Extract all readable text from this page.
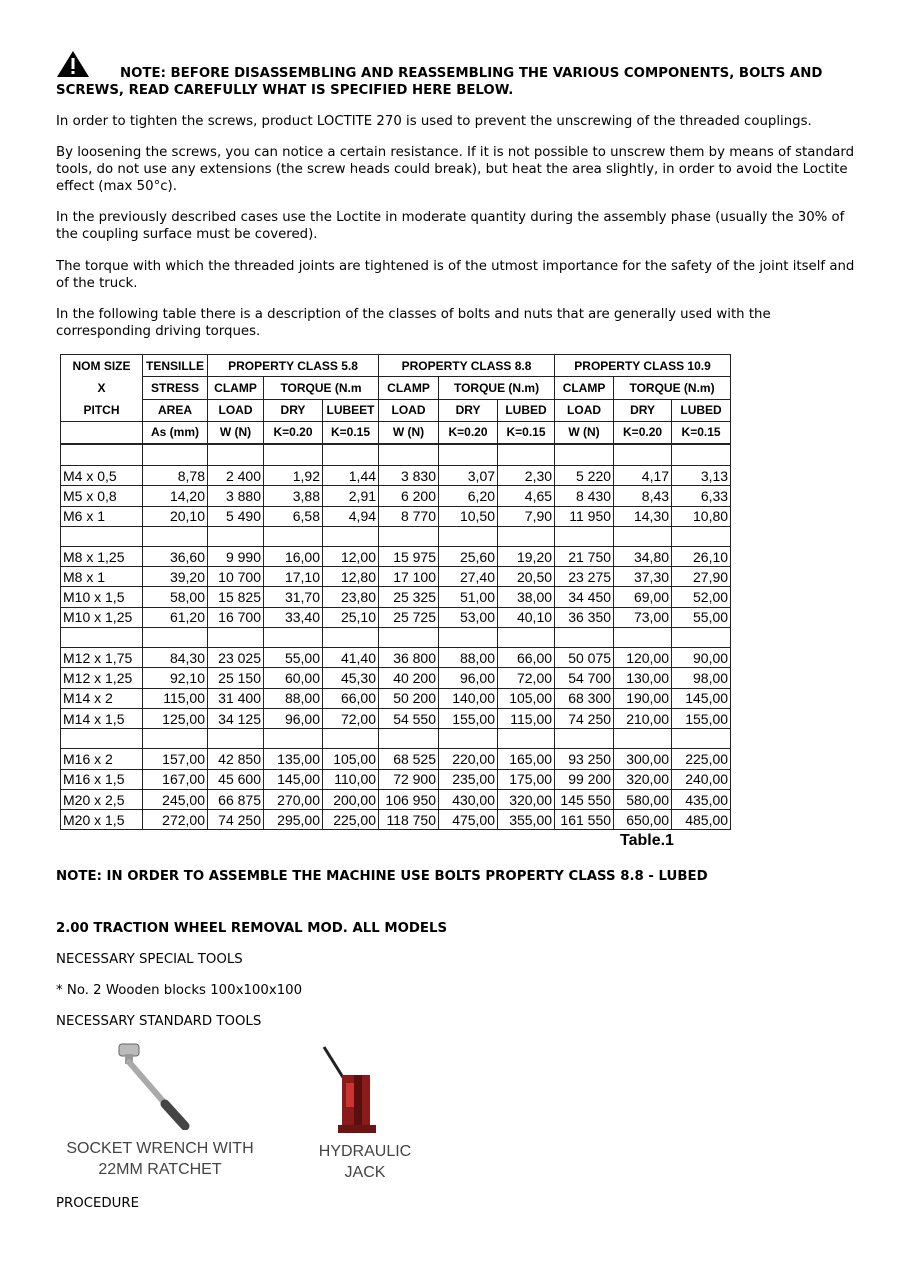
NOTE: BEFORE DISASSEMBLING AND REASSEMBLING THE VARIOUS COMPONENTS, BOLTS AND SCREWS, READ CAREFULLY WHAT IS SPECIFIED HERE BELOW.

In order to tighten the screws, product LOCTITE 270 is used to prevent the unscrewing of the threaded couplings.

By loosening the screws, you can notice a certain resistance. If it is not possible to unscrew them by means of standard tools, do not use any extensions (the screw heads could break), but heat the area slightly, in order to avoid the Loctite effect (max 50°c).

In the previously described cases use the Loctite in moderate quantity during the assembly phase (usually the 30% of the coupling surface must be covered).

The torque with which the threaded joints are tightened is of the utmost importance for the safety of the joint itself and of the truck.

In the following table there is a description of the classes of bolts and nuts that are generally used with the corresponding driving torques.

NOM SIZE
X
PITCH	TENSILLE	PROPERTY CLASS 5.8			PROPERTY CLASS 8.8			PROPERTY CLASS 10.9		
	STRESS	CLAMP	TORQUE (N.m		CLAMP	TORQUE (N.m)		CLAMP	TORQUE (N.m)	
	AREA	LOAD	DRY	LUBEET	LOAD	DRY	LUBED	LOAD	DRY	LUBED
	As (mm)	W (N)	K=0.20	K=0.15	W (N)	K=0.20	K=0.15	W (N)	K=0.20	K=0.15

M4 x 0,5	8,78	2 400	1,92	1,44	3 830	3,07	2,30	5 220	4,17	3,13
M5 x 0,8	14,20	3 880	3,88	2,91	6 200	6,20	4,65	8 430	8,43	6,33
M6 x 1	20,10	5 490	6,58	4,94	8 770	10,50	7,90	11 950	14,30	10,80

M8 x 1,25	36,60	9 990	16,00	12,00	15 975	25,60	19,20	21 750	34,80	26,10
M8 x 1	39,20	10 700	17,10	12,80	17 100	27,40	20,50	23 275	37,30	27,90
M10 x 1,5	58,00	15 825	31,70	23,80	25 325	51,00	38,00	34 450	69,00	52,00
M10 x 1,25	61,20	16 700	33,40	25,10	25 725	53,00	40,10	36 350	73,00	55,00

M12 x 1,75	84,30	23 025	55,00	41,40	36 800	88,00	66,00	50 075	120,00	90,00
M12 x 1,25	92,10	25 150	60,00	45,30	40 200	96,00	72,00	54 700	130,00	98,00
M14 x 2	115,00	31 400	88,00	66,00	50 200	140,00	105,00	68 300	190,00	145,00
M14 x 1,5	125,00	34 125	96,00	72,00	54 550	155,00	115,00	74 250	210,00	155,00

M16 x 2	157,00	42 850	135,00	105,00	68 525	220,00	165,00	93 250	300,00	225,00
M16 x 1,5	167,00	45 600	145,00	110,00	72 900	235,00	175,00	99 200	320,00	240,00
M20 x 2,5	245,00	66 875	270,00	200,00	106 950	430,00	320,00	145 550	580,00	435,00
M20 x 1,5	272,00	74 250	295,00	225,00	118 750	475,00	355,00	161 550	650,00	485,00
Table.1

NOTE: IN ORDER TO ASSEMBLE THE MACHINE USE BOLTS PROPERTY CLASS 8.8 - LUBED

2.00 TRACTION WHEEL REMOVAL MOD. ALL MODELS

NECESSARY SPECIAL TOOLS

* No. 2 Wooden blocks 100x100x100

NECESSARY STANDARD TOOLS

SOCKET WRENCH WITH
22MM RATCHET
HYDRAULIC
JACK

PROCEDURE
